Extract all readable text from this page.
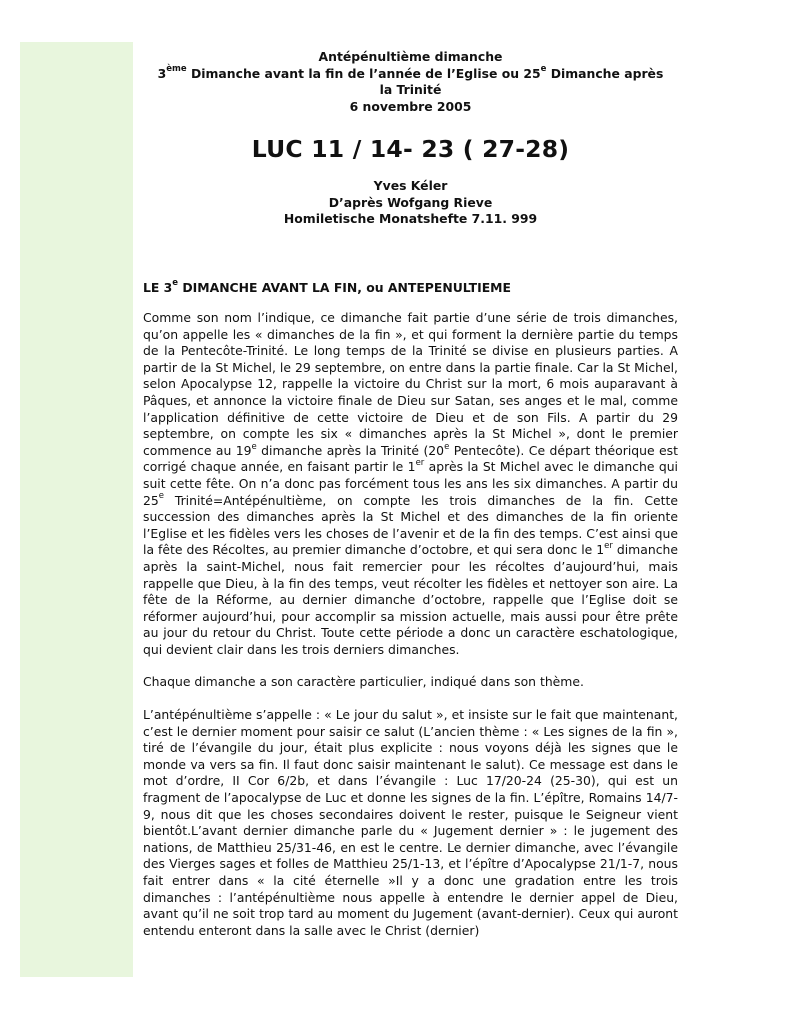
Antépénultième dimanche

3ème Dimanche avant la fin de l’année de l’Eglise ou 25e Dimanche après

la Trinité

6 novembre 2005

LUC 11 / 14- 23 ( 27-28)

Yves Kéler

D’après Wofgang Rieve

Homiletische Monatshefte 7.11. 999

LE 3e DIMANCHE AVANT LA FIN, ou ANTEPENULTIEME

Comme son nom l’indique, ce dimanche fait partie d’une série de trois dimanches, qu’on appelle les « dimanches de la fin », et qui forment la dernière partie du temps de la Pentecôte-Trinité. Le long temps de la Trinité se divise en plusieurs parties. A partir de la St Michel, le 29 septembre, on entre dans la partie finale. Car la St Michel, selon Apocalypse 12, rappelle la victoire du Christ sur la mort, 6 mois auparavant à Pâques, et annonce la victoire finale de Dieu sur Satan, ses anges et le mal, comme l’application définitive de cette victoire de Dieu et de son Fils. A partir du 29 septembre, on compte les six « dimanches après la St Michel », dont le premier commence au 19e dimanche après la Trinité (20e Pentecôte). Ce départ théorique est corrigé chaque année, en faisant partir le 1er après la St Michel avec le dimanche qui suit cette fête. On n’a donc pas forcément tous les ans les six dimanches. A partir du 25e Trinité=Antépénultième, on compte les trois dimanches de la fin. Cette succession des dimanches après la St Michel et des dimanches de la fin oriente l’Eglise et les fidèles vers les choses de l’avenir et de la fin des temps. C’est ainsi que la fête des Récoltes, au premier dimanche d’octobre, et qui sera donc le 1er dimanche après la saint-Michel, nous fait remercier pour les récoltes d’aujourd’hui, mais rappelle que Dieu, à la fin des temps, veut récolter les fidèles et nettoyer son aire. La fête de la Réforme, au dernier dimanche d’octobre, rappelle que l’Eglise doit se réformer aujourd’hui, pour accomplir sa mission actuelle, mais aussi pour être prête au jour du retour du Christ. Toute cette période a donc un caractère eschatologique, qui devient clair dans les trois derniers dimanches.

Chaque dimanche a son caractère particulier, indiqué dans son thème.

L’antépénultième s’appelle : « Le jour du salut », et insiste sur le fait que maintenant, c’est le dernier moment pour saisir ce salut (L’ancien thème : « Les signes de la fin », tiré de l’évangile du jour, était plus explicite : nous voyons déjà les signes que le monde va vers sa fin. Il faut donc saisir maintenant le salut). Ce message est dans le mot d’ordre, II Cor 6/2b, et dans l’évangile : Luc 17/20-24 (25-30), qui est un fragment de l’apocalypse de Luc et donne les signes de la fin. L’épître, Romains 14/7-9, nous dit que les choses secondaires doivent le rester, puisque le Seigneur vient bientôt.L’avant dernier dimanche parle du « Jugement dernier » : le jugement des nations, de Matthieu 25/31-46, en est le centre. Le dernier dimanche, avec l’évangile des Vierges sages et folles de Matthieu 25/1-13, et l’épître d’Apocalypse 21/1-7, nous fait entrer dans « la cité éternelle »Il y a donc une gradation entre les trois dimanches : l’antépénultième nous appelle à entendre le dernier appel de Dieu, avant qu’il ne soit trop tard au moment du Jugement (avant-dernier). Ceux qui auront entendu enteront dans la salle avec le Christ (dernier)
